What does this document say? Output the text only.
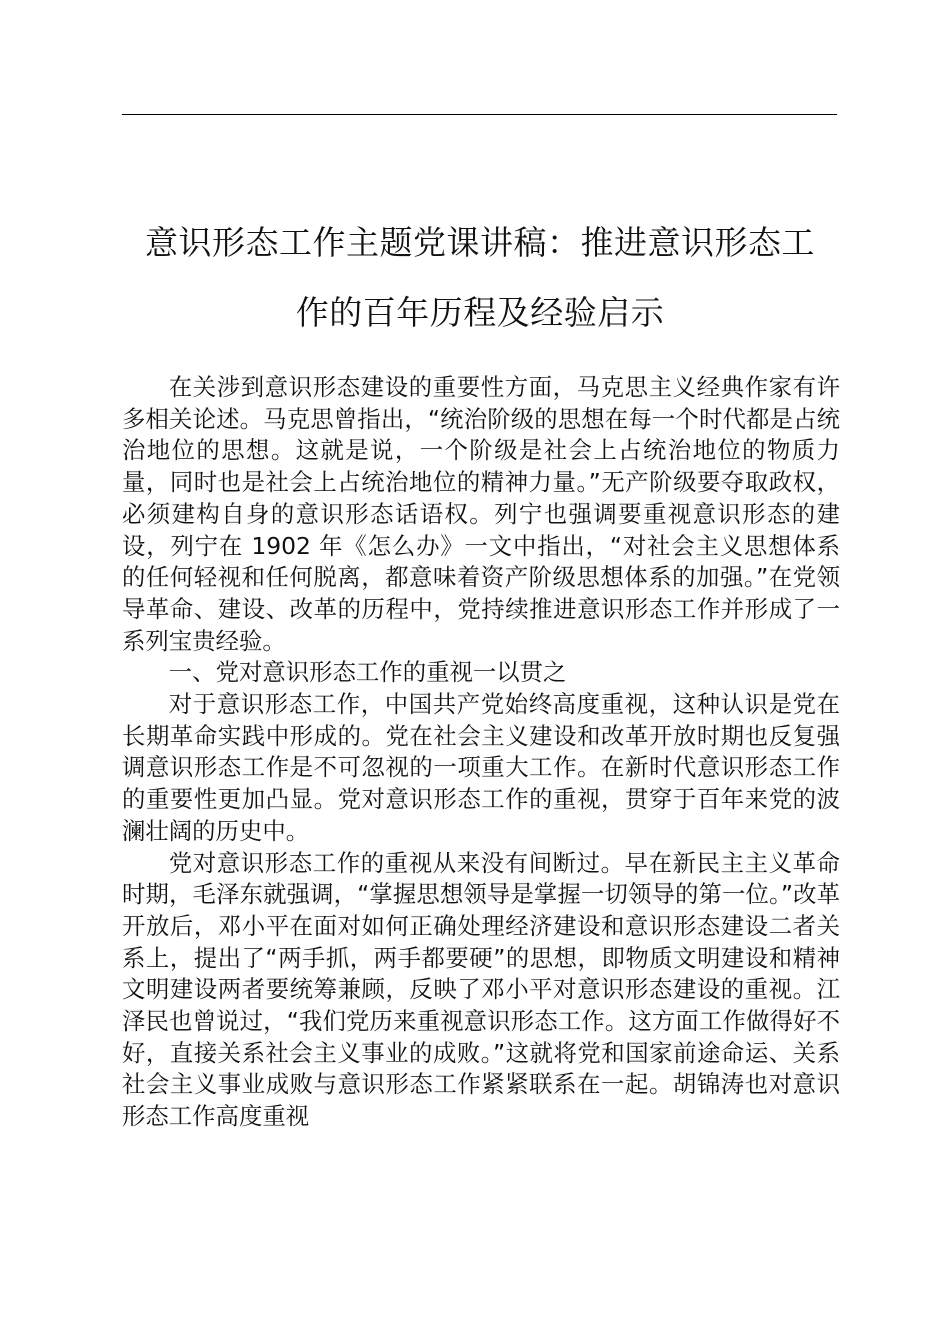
意识形态工作主题党课讲稿：推进意识形态工
作的百年历程及经验启示

在关涉到意识形态建设的重要性方面，马克思主义经典作家有许多相关论述。马克思曾指出，“统治阶级的思想在每一个时代都是占统治地位的思想。这就是说，一个阶级是社会上占统治地位的物质力量，同时也是社会上占统治地位的精神力量。”无产阶级要夺取政权，必须建构自身的意识形态话语权。列宁也强调要重视意识形态的建设，列宁在 1902 年《怎么办》一文中指出，“对社会主义思想体系的任何轻视和任何脱离，都意味着资产阶级思想体系的加强。”在党领导革命、建设、改革的历程中，党持续推进意识形态工作并形成了一系列宝贵经验。

一、党对意识形态工作的重视一以贯之

对于意识形态工作，中国共产党始终高度重视，这种认识是党在长期革命实践中形成的。党在社会主义建设和改革开放时期也反复强调意识形态工作是不可忽视的一项重大工作。在新时代意识形态工作的重要性更加凸显。党对意识形态工作的重视，贯穿于百年来党的波澜壮阔的历史中。

党对意识形态工作的重视从来没有间断过。早在新民主主义革命时期，毛泽东就强调，“掌握思想领导是掌握一切领导的第一位。”改革开放后，邓小平在面对如何正确处理经济建设和意识形态建设二者关系上，提出了“两手抓，两手都要硬”的思想，即物质文明建设和精神文明建设两者要统筹兼顾，反映了邓小平对意识形态建设的重视。江泽民也曾说过，“我们党历来重视意识形态工作。这方面工作做得好不好，直接关系社会主义事业的成败。”这就将党和国家前途命运、关系社会主义事业成败与意识形态工作紧紧联系在一起。胡锦涛也对意识形态工作高度重视
